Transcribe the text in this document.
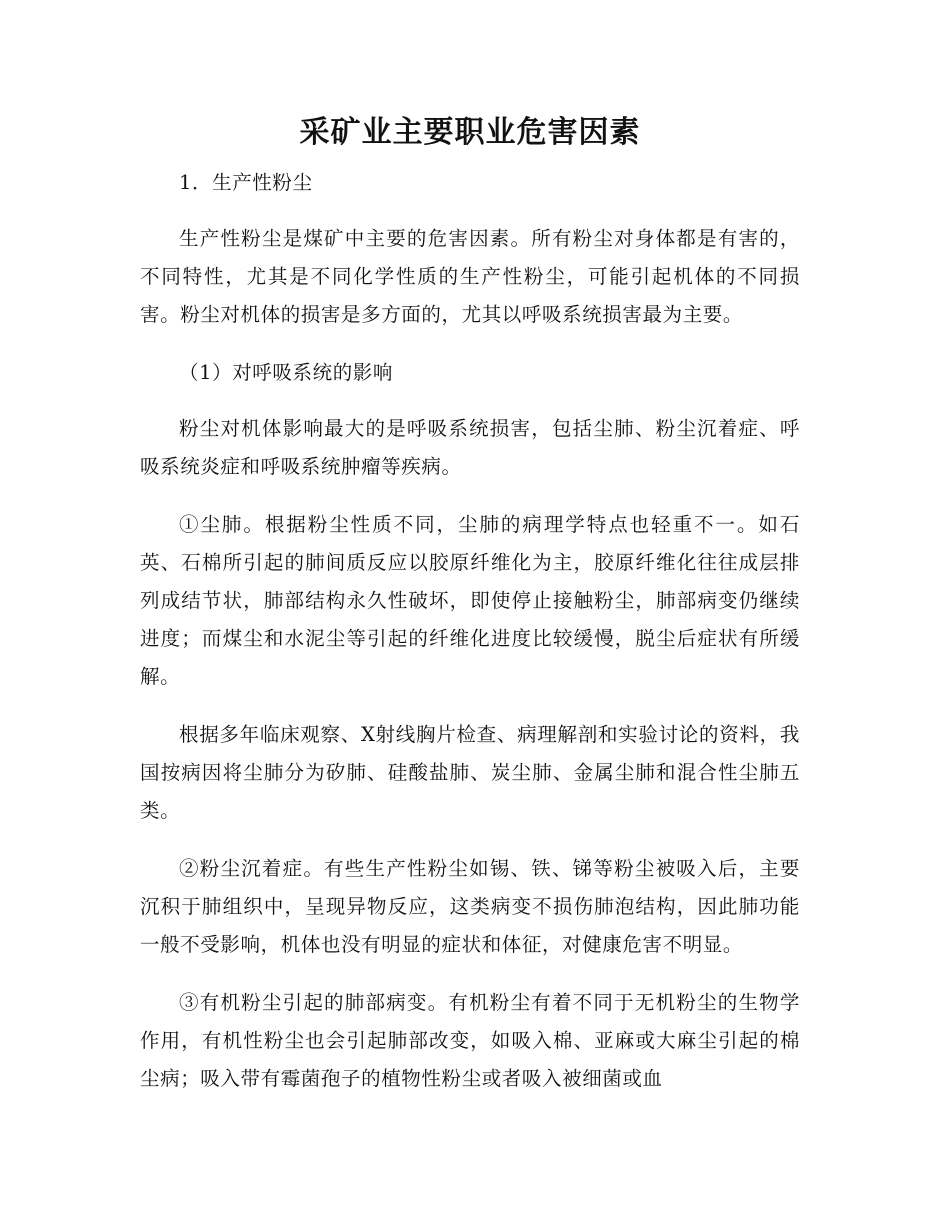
采矿业主要职业危害因素

1．生产性粉尘

生产性粉尘是煤矿中主要的危害因素。所有粉尘对身体都是有害的，不同特性，尤其是不同化学性质的生产性粉尘，可能引起机体的不同损害。粉尘对机体的损害是多方面的，尤其以呼吸系统损害最为主要。

（1）对呼吸系统的影响

粉尘对机体影响最大的是呼吸系统损害，包括尘肺、粉尘沉着症、呼吸系统炎症和呼吸系统肿瘤等疾病。

①尘肺。根据粉尘性质不同，尘肺的病理学特点也轻重不一。如石英、石棉所引起的肺间质反应以胶原纤维化为主，胶原纤维化往往成层排列成结节状，肺部结构永久性破坏，即使停止接触粉尘，肺部病变仍继续进度；而煤尘和水泥尘等引起的纤维化进度比较缓慢，脱尘后症状有所缓解。

根据多年临床观察、X射线胸片检查、病理解剖和实验讨论的资料，我国按病因将尘肺分为矽肺、硅酸盐肺、炭尘肺、金属尘肺和混合性尘肺五类。

②粉尘沉着症。有些生产性粉尘如锡、铁、锑等粉尘被吸入后，主要沉积于肺组织中，呈现异物反应，这类病变不损伤肺泡结构，因此肺功能一般不受影响，机体也没有明显的症状和体征，对健康危害不明显。

③有机粉尘引起的肺部病变。有机粉尘有着不同于无机粉尘的生物学作用，有机性粉尘也会引起肺部改变，如吸入棉、亚麻或大麻尘引起的棉尘病；吸入带有霉菌孢子的植物性粉尘或者吸入被细菌或血
